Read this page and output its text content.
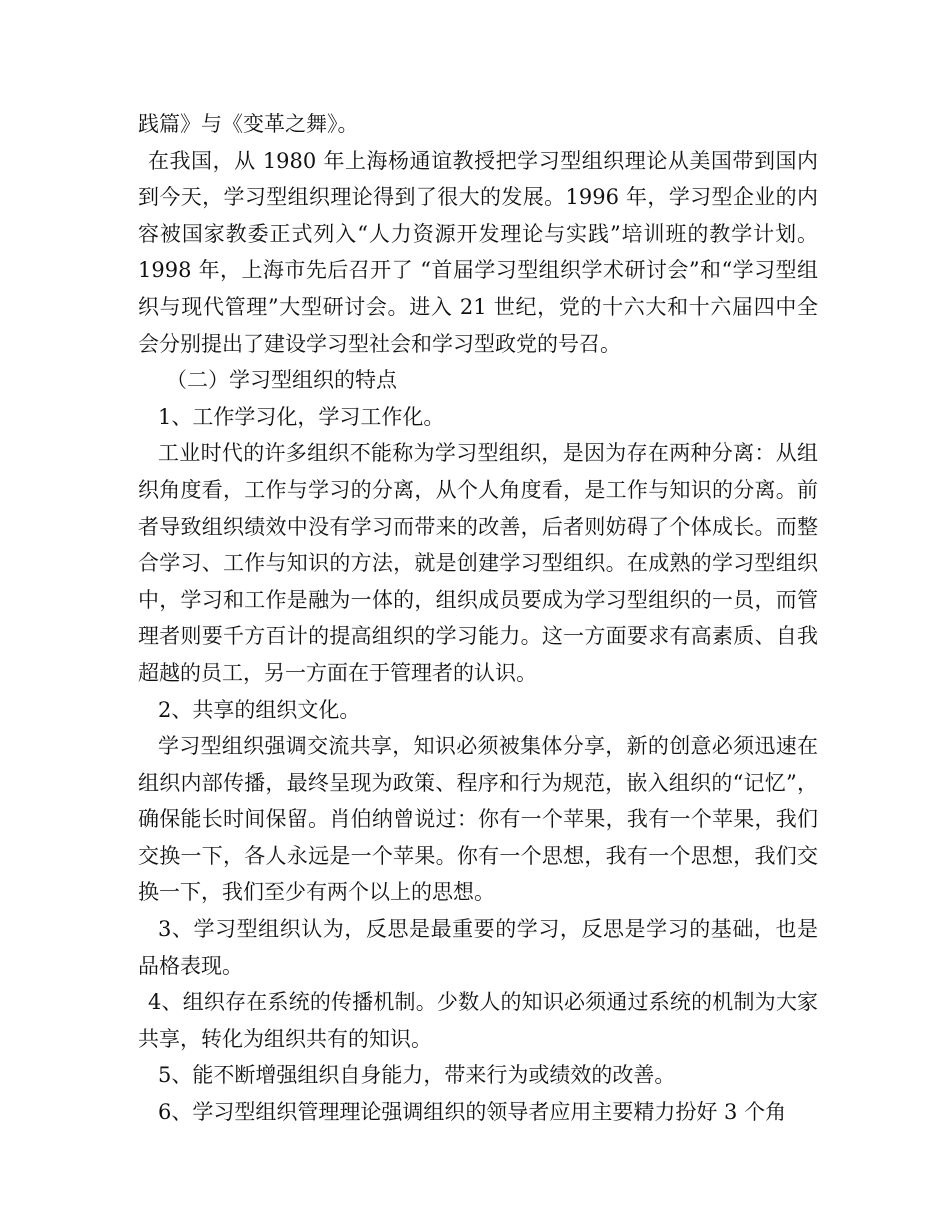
践篇》与《变革之舞》。

在我国，从 1980 年上海杨通谊教授把学习型组织理论从美国带到国内到今天，学习型组织理论得到了很大的发展。1996 年，学习型企业的内容被国家教委正式列入“人力资源开发理论与实践”培训班的教学计划。1998 年，上海市先后召开了 “首届学习型组织学术研讨会”和“学习型组织与现代管理”大型研讨会。进入 21 世纪，党的十六大和十六届四中全会分别提出了建设学习型社会和学习型政党的号召。

（二）学习型组织的特点

1、工作学习化，学习工作化。

工业时代的许多组织不能称为学习型组织，是因为存在两种分离：从组织角度看，工作与学习的分离，从个人角度看，是工作与知识的分离。前者导致组织绩效中没有学习而带来的改善，后者则妨碍了个体成长。而整合学习、工作与知识的方法，就是创建学习型组织。在成熟的学习型组织中，学习和工作是融为一体的，组织成员要成为学习型组织的一员，而管理者则要千方百计的提高组织的学习能力。这一方面要求有高素质、自我超越的员工，另一方面在于管理者的认识。

2、共享的组织文化。

学习型组织强调交流共享，知识必须被集体分享，新的创意必须迅速在组织内部传播，最终呈现为政策、程序和行为规范，嵌入组织的“记忆”，确保能长时间保留。肖伯纳曾说过：你有一个苹果，我有一个苹果，我们交换一下，各人永远是一个苹果。你有一个思想，我有一个思想，我们交换一下，我们至少有两个以上的思想。

3、学习型组织认为，反思是最重要的学习，反思是学习的基础，也是品格表现。

4、组织存在系统的传播机制。少数人的知识必须通过系统的机制为大家共享，转化为组织共有的知识。

5、能不断增强组织自身能力，带来行为或绩效的改善。

6、学习型组织管理理论强调组织的领导者应用主要精力扮好 3 个角
